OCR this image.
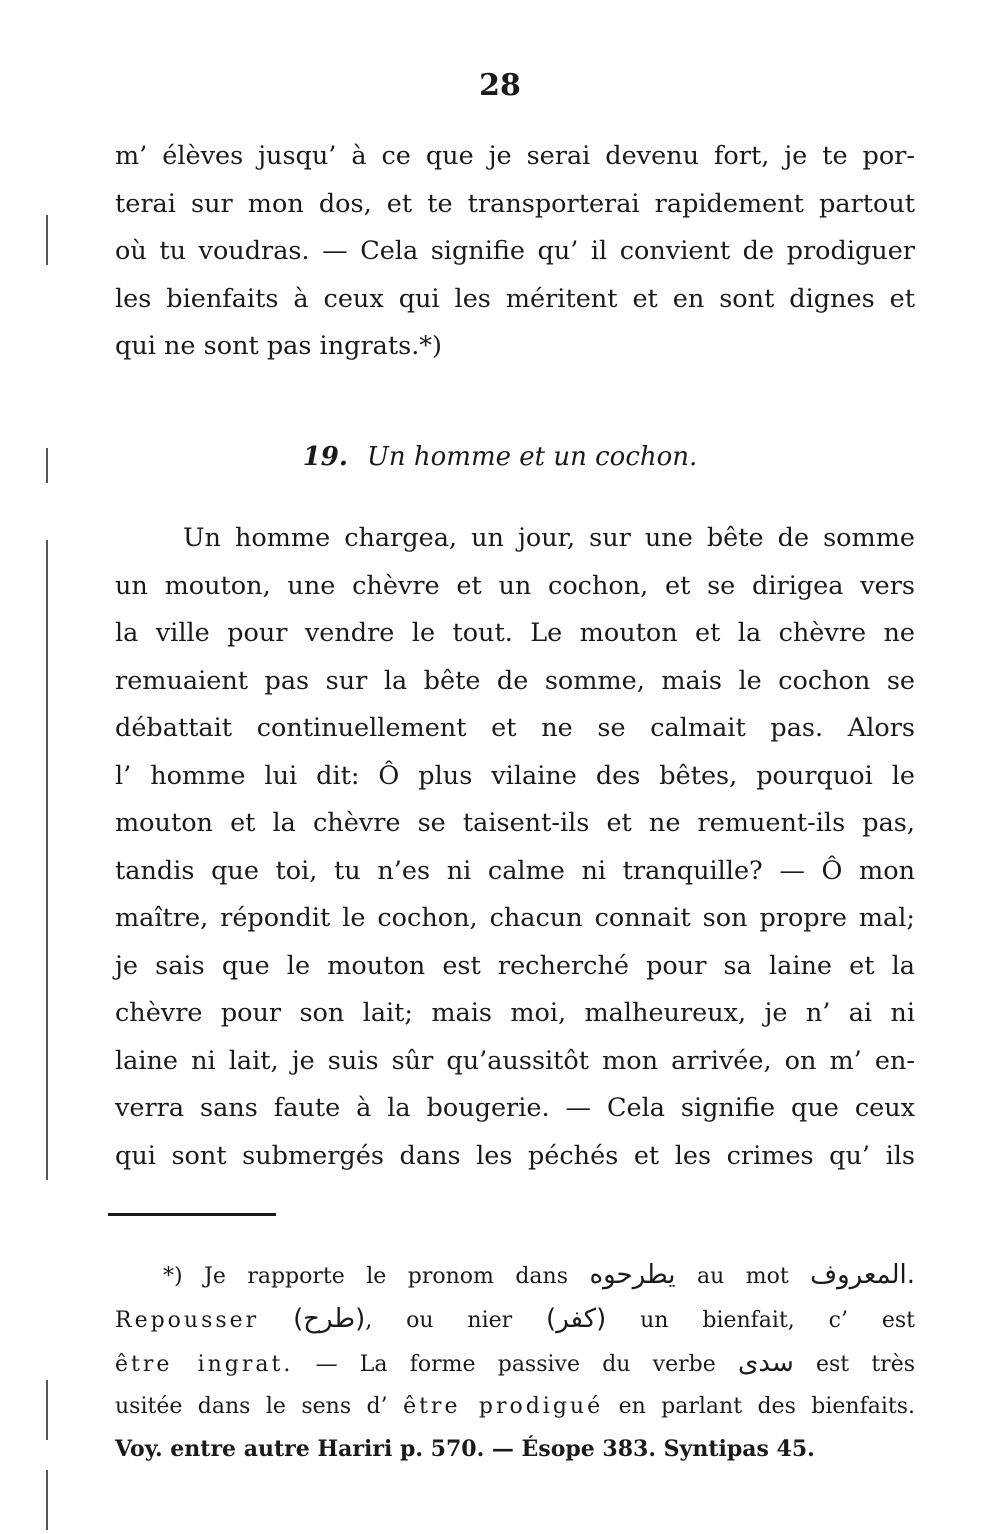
28
m’ élèves jusqu’ à ce que je serai devenu fort, je te por-
terai sur mon dos, et te transporterai rapidement partout
où tu voudras. — Cela signifie qu’ il convient de prodiguer
les bienfaits à ceux qui les méritent et en sont dignes et
qui ne sont pas ingrats.*)
19. Un homme et un cochon.
Un homme chargea, un jour, sur une bête de somme
un mouton, une chèvre et un cochon, et se dirigea vers
la ville pour vendre le tout. Le mouton et la chèvre ne
remuaient pas sur la bête de somme, mais le cochon se
débattait continuellement et ne se calmait pas. Alors
l’ homme lui dit: Ô plus vilaine des bêtes, pourquoi le
mouton et la chèvre se taisent-ils et ne remuent-ils pas,
tandis que toi, tu n’es ni calme ni tranquille? — Ô mon
maître, répondit le cochon, chacun connait son propre mal;
je sais que le mouton est recherché pour sa laine et la
chèvre pour son lait; mais moi, malheureux, je n’ ai ni
laine ni lait, je suis sûr qu’aussitôt mon arrivée, on m’ en-
verra sans faute à la bougerie. — Cela signifie que ceux
qui sont submergés dans les péchés et les crimes qu’ ils
*) Je rapporte le pronom dans يطرحوه au mot المعروف.
Repousser (طرح), ou nier (كفر) un bienfait, c’ est
être ingrat. — La forme passive du verbe سدى est très
usitée dans le sens d’ être prodigué en parlant des bienfaits.
Voy. entre autre Hariri p. 570. — Ésope 383. Syntipas 45.
